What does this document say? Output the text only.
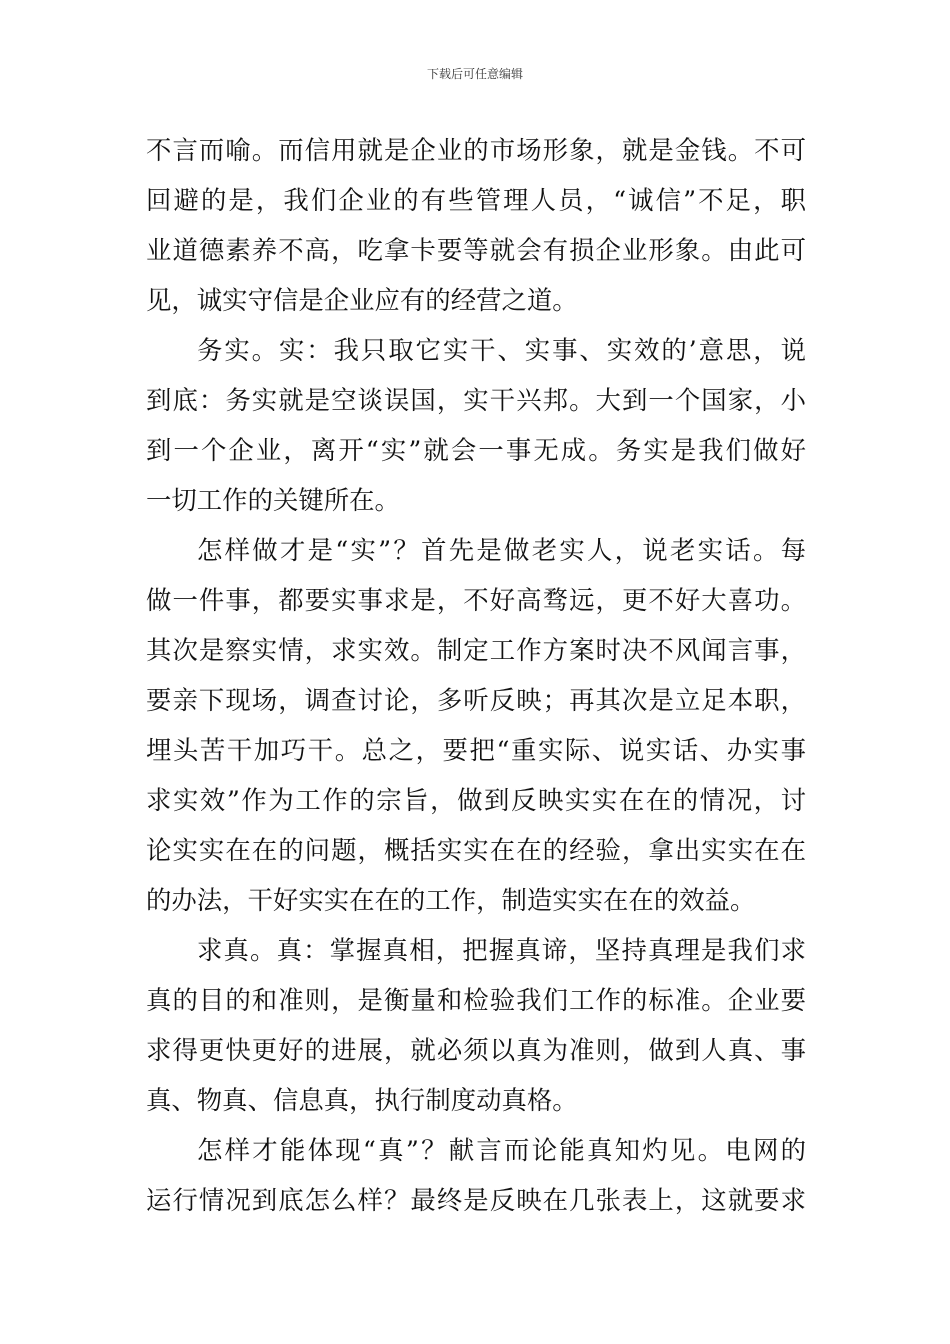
下载后可任意编辑
不言而喻。而信用就是企业的市场形象，就是金钱。不可
回避的是，我们企业的有些管理人员，“诚信”不足，职
业道德素养不高，吃拿卡要等就会有损企业形象。由此可
见，诚实守信是企业应有的经营之道。
务实。实：我只取它实干、实事、实效的’意思，说
到底：务实就是空谈误国，实干兴邦。大到一个国家，小
到一个企业，离开“实”就会一事无成。务实是我们做好
一切工作的关键所在。
怎样做才是“实”？首先是做老实人，说老实话。每
做一件事，都要实事求是，不好高骛远，更不好大喜功。
其次是察实情，求实效。制定工作方案时决不风闻言事，
要亲下现场，调查讨论，多听反映；再其次是立足本职，
埋头苦干加巧干。总之，要把“重实际、说实话、办实事
求实效”作为工作的宗旨，做到反映实实在在的情况，讨
论实实在在的问题，概括实实在在的经验，拿出实实在在
的办法，干好实实在在的工作，制造实实在在的效益。
求真。真：掌握真相，把握真谛，坚持真理是我们求
真的目的和准则，是衡量和检验我们工作的标准。企业要
求得更快更好的进展，就必须以真为准则，做到人真、事
真、物真、信息真，执行制度动真格。
怎样才能体现“真”？献言而论能真知灼见。电网的
运行情况到底怎么样？最终是反映在几张表上，这就要求
